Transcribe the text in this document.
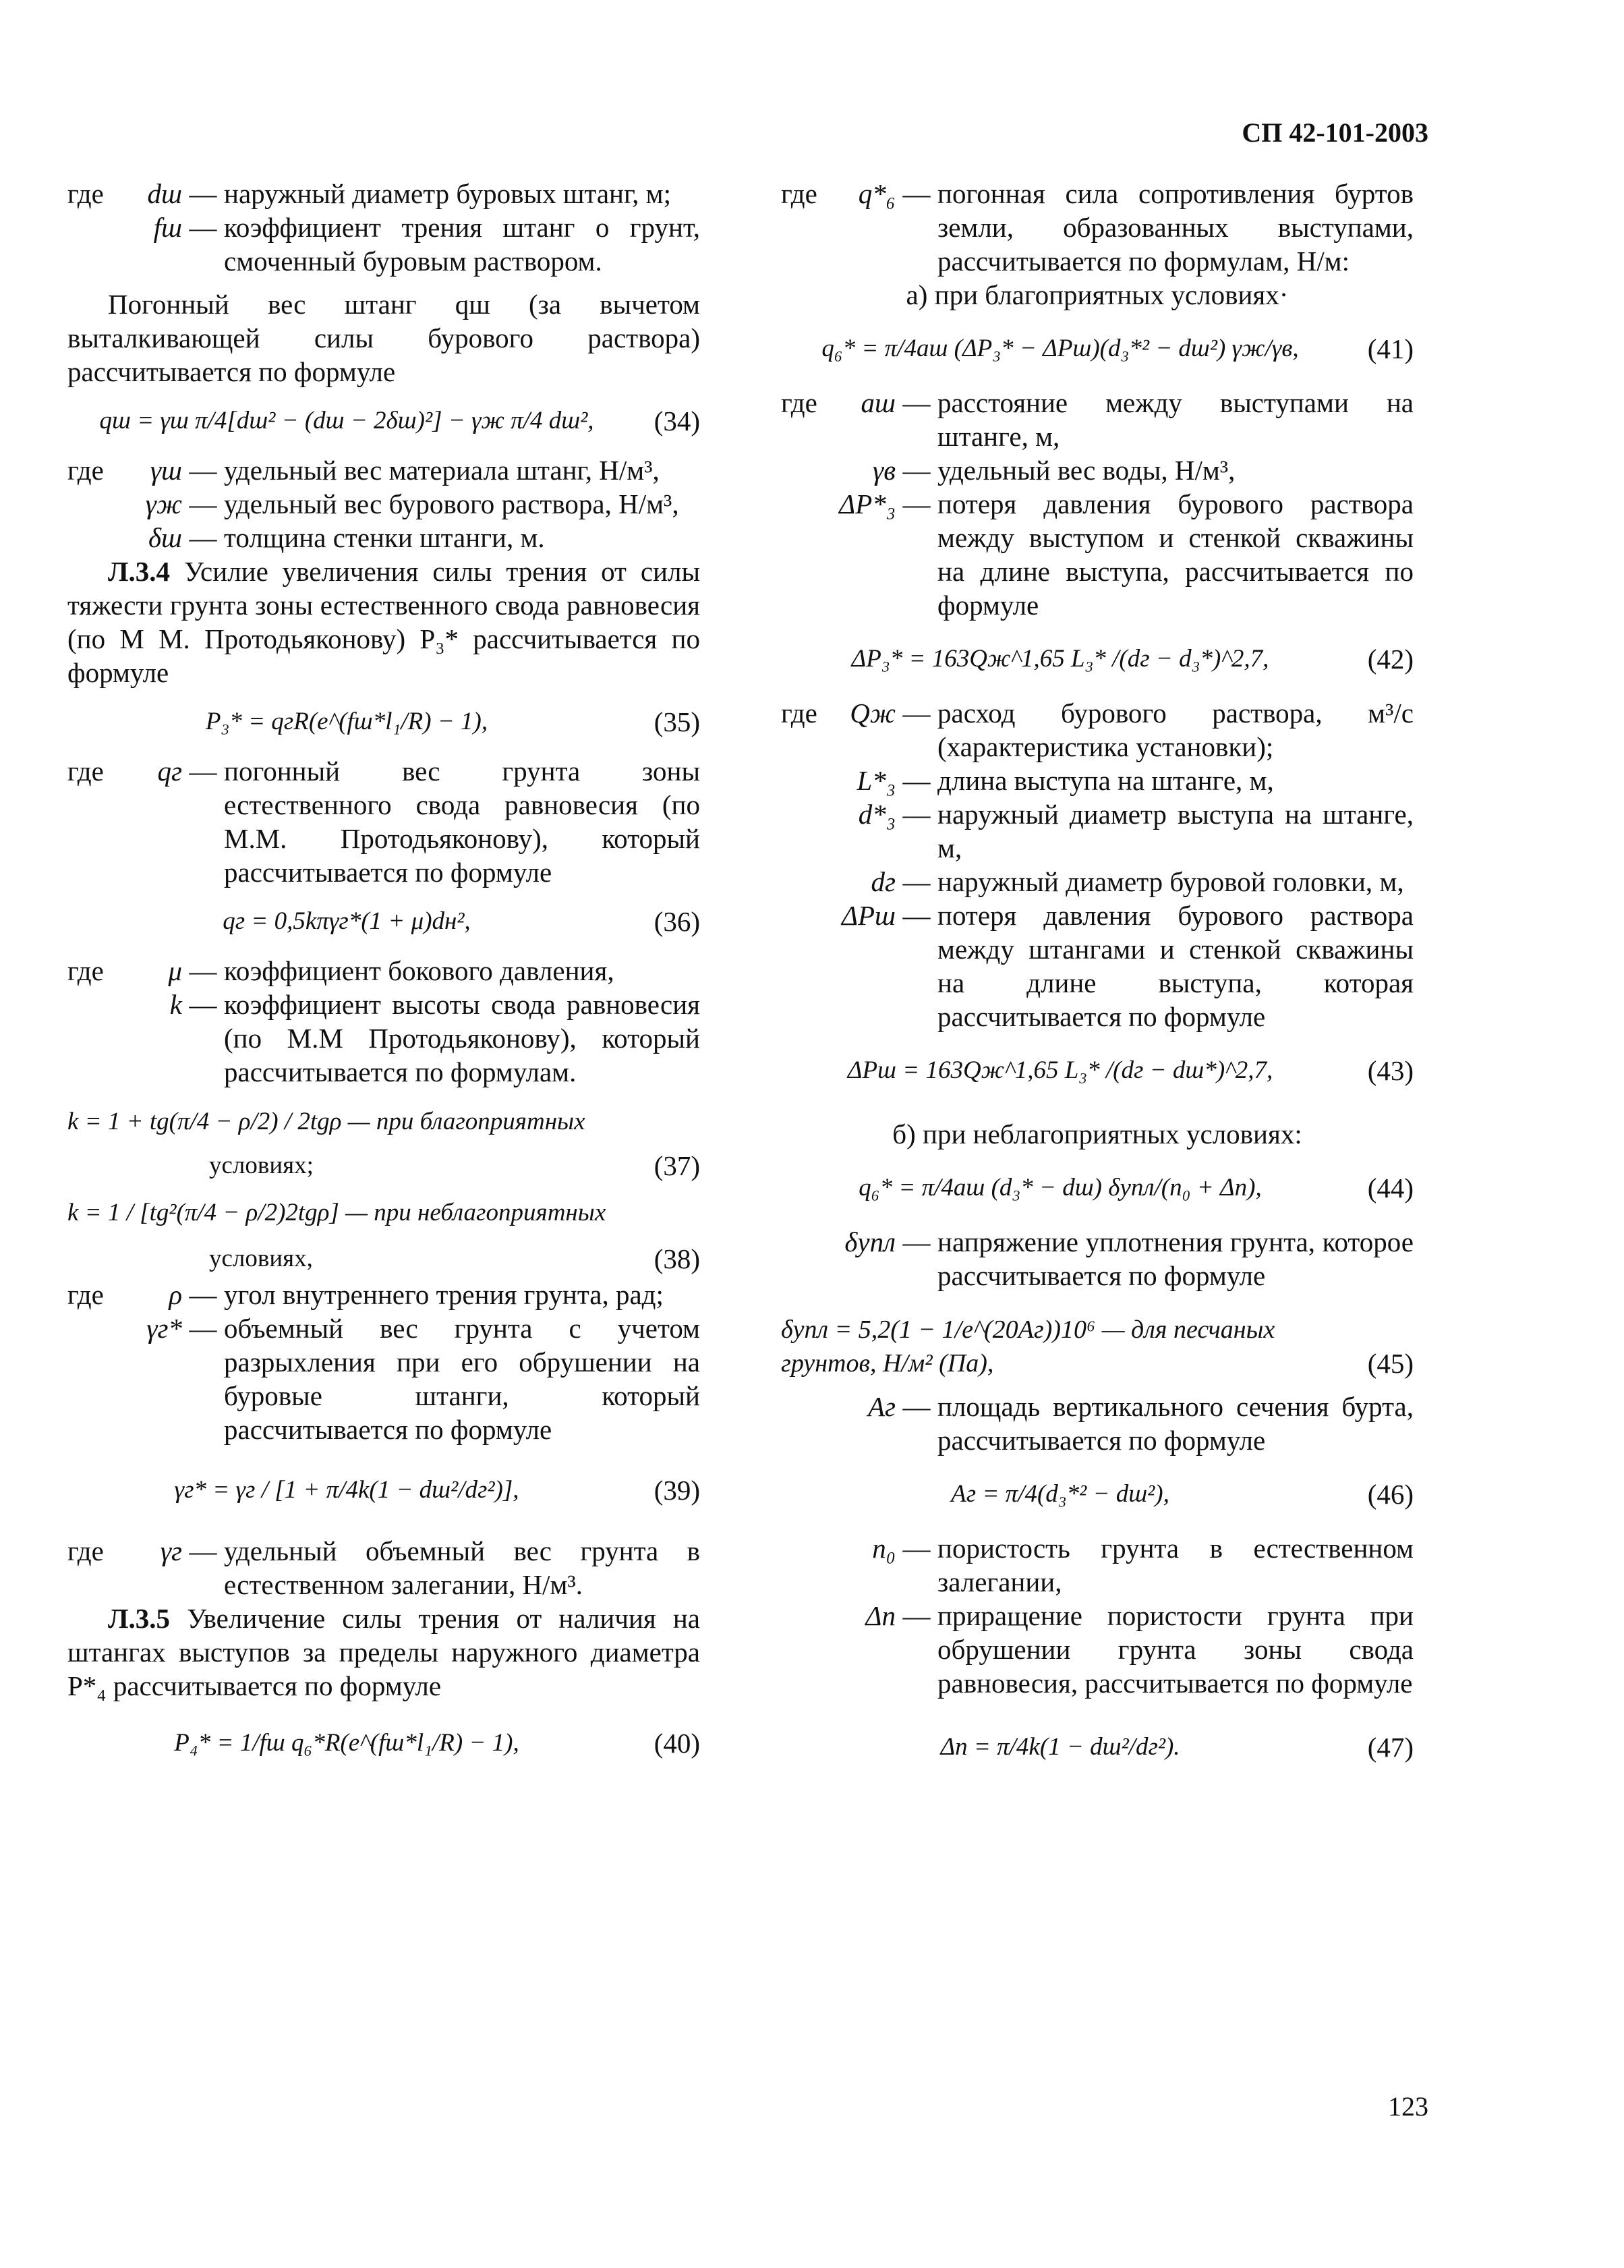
СП 42-101-2003
где	dш — наружный диаметр буровых штанг, м;
fш — коэффициент трения штанг о грунт, смоченный буровым раствором.
Погонный вес штанг qш (за вычетом выталкивающей силы бурового раствора) рассчитывается по формуле
qш = γш π/4[dш² − (dш − 2δш)²] − γж π/4 dш²,	(34)
где	γш — удельный вес материала штанг, Н/м³,
γж — удельный вес бурового раствора, Н/м³,
δш — толщина стенки штанги, м.
Л.3.4 Усилие увеличения силы трения от силы тяжести грунта зоны естественного свода равновесия (по М М. Протодьяконову) P₃* рассчитывается по формуле
P₃* = qгR(e^(fш*l₁/R) − 1),	(35)
где	qг — погонный вес грунта зоны естественного свода равновесия (по М.М. Протодьяконову), который рассчитывается по формуле
qг = 0,5kπγг*(1 + μ)dн²,	(36)
где	μ — коэффициент бокового давления,
k — коэффициент высоты свода равновесия (по М.М Протодьяконову), который рассчитывается по формулам.
k = 1 + tg(π/4 − ρ/2) / 2tgρ — при благоприятных
условиях;	(37)
k = 1 / [tg²(π/4 − ρ/2)2tgρ] — при неблагоприятных
условиях,	(38)
где	ρ — угол внутреннего трения грунта, рад;
γг* — объемный вес грунта с учетом разрыхления при его обрушении на буровые штанги, который рассчитывается по формуле
γг* = γг / [1 + π/4k(1 − dш²/dг²)],	(39)
где	γг — удельный объемный вес грунта в естественном залегании, Н/м³.
Л.3.5 Увеличение силы трения от наличия на штангах выступов за пределы наружного диаметра P*₄ рассчитывается по формуле
P₄* = 1/fш q₆*R(e^(fш*l₁/R) − 1),	(40)
где	q*₆ — погонная сила сопротивления буртов земли, образованных выступами, рассчитывается по формулам, Н/м:
а) при благоприятных условиях·
q₆* = π/4aш (ΔP₃* − ΔPш)(d₃*² − dш²) γж/γв,	(41)
где	aш — расстояние между выступами на штанге, м,
γв — удельный вес воды, Н/м³,
ΔP*₃ — потеря давления бурового раствора между выступом и стенкой скважины на длине выступа, рассчитывается по формуле
ΔP₃* = 163Qж^1,65 L₃* /(dг − d₃*)^2,7,	(42)
где	Qж — расход бурового раствора, м³/с (характеристика установки);
L*₃ — длина выступа на штанге, м,
d*₃ — наружный диаметр выступа на штанге, м,
dг — наружный диаметр буровой головки, м,
ΔPш — потеря давления бурового раствора между штангами и стенкой скважины на длине выступа, которая рассчитывается по формуле
ΔPш = 163Qж^1,65 L₃* /(dг − dш*)^2,7,	(43)
б) при неблагоприятных условиях:
q₆* = π/4aш (d₃* − dш) δупл/(n₀ + Δn),	(44)
δупл — напряжение уплотнения грунта, которое рассчитывается по формуле
δупл = 5,2(1 − 1/e^(20Aг))10⁶ — для песчаных грунтов, Н/м² (Па),	(45)
Aг — площадь вертикального сечения бурта, рассчитывается по формуле
Aг = π/4(d₃*² − dш²),	(46)
n₀ — пористость грунта в естественном залегании,
Δn — приращение пористости грунта при обрушении грунта зоны свода равновесия, рассчитывается по формуле
Δn = π/4k(1 − dш²/dг²).	(47)
123
